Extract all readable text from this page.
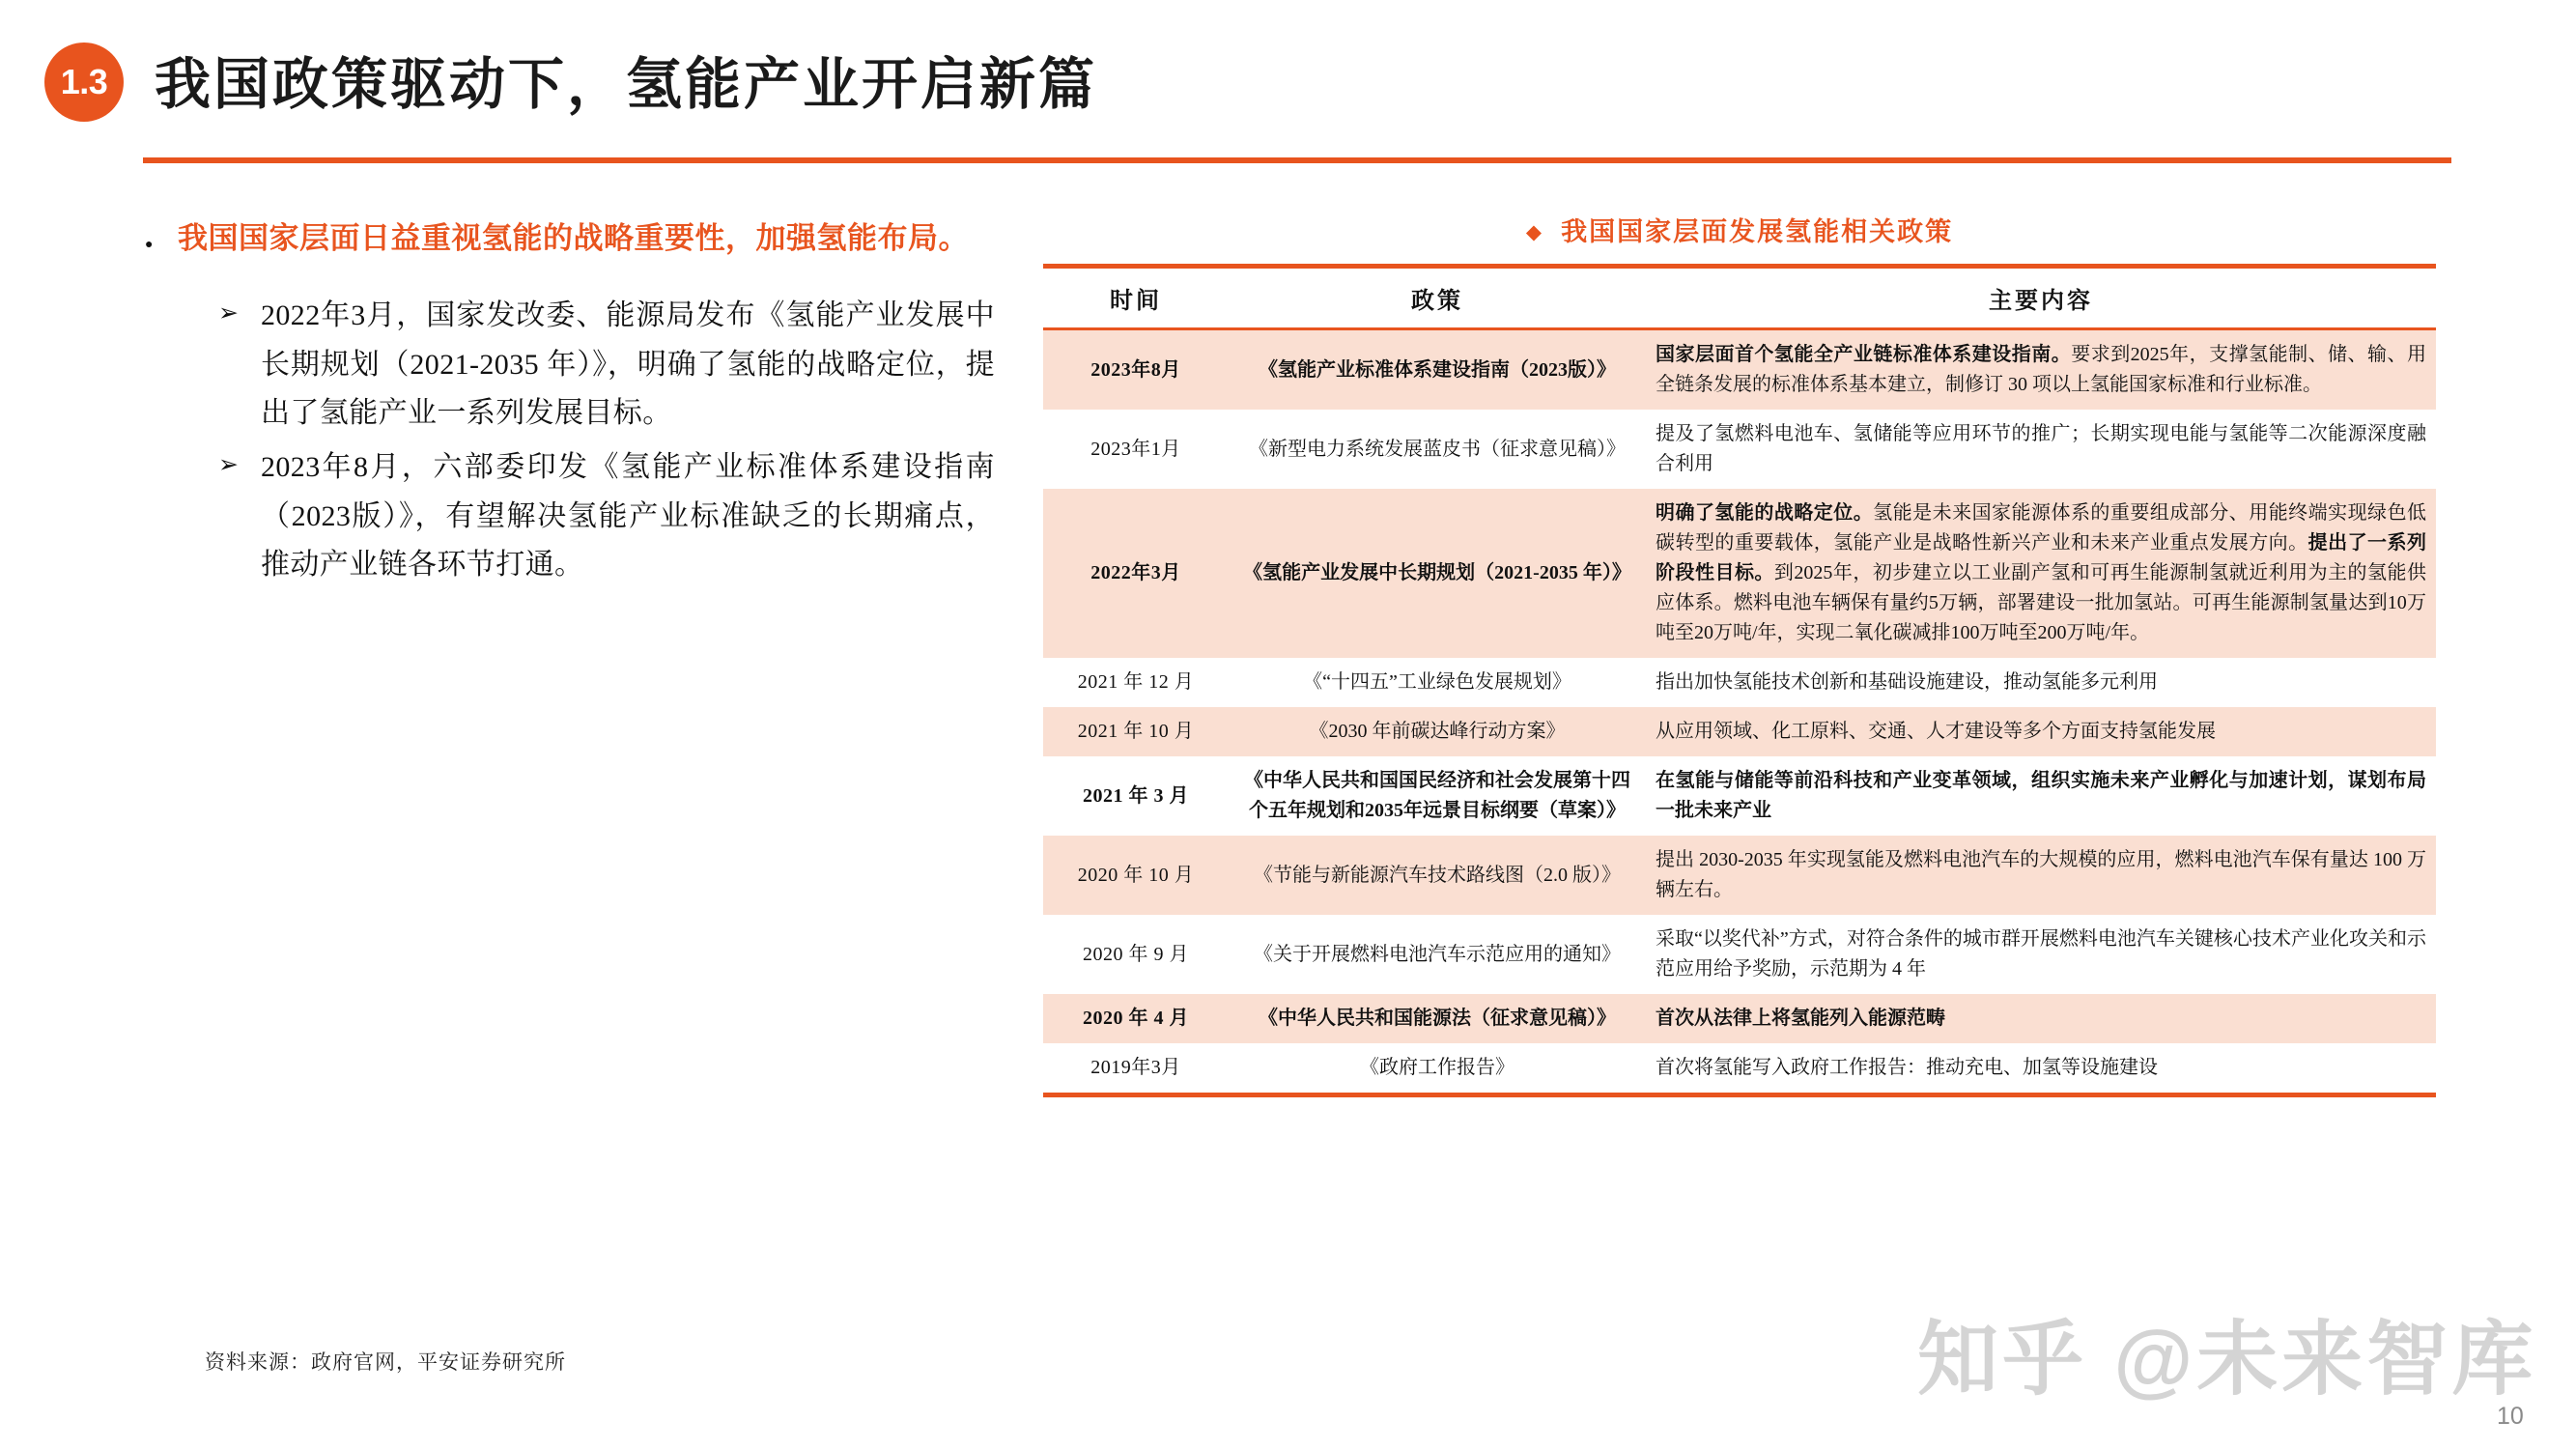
1.3 我国政策驱动下，氢能产业开启新篇
●
我国国家层面日益重视氢能的战略重要性，加强氢能布局。
➢ 2022年3月，国家发改委、能源局发布《氢能产业发展中长期规划（2021-2035 年）》，明确了氢能的战略定位，提出了氢能产业一系列发展目标。
➢ 2023年8月，六部委印发《氢能产业标准体系建设指南（2023版）》，有望解决氢能产业标准缺乏的长期痛点，推动产业链各环节打通。
资料来源：政府官网，平安证券研究所
◆ 我国国家层面发展氢能相关政策
时间	政策	主要内容
2023年8月	《氢能产业标准体系建设指南（2023版）》	国家层面首个氢能全产业链标准体系建设指南。要求到2025年，支撑氢能制、储、输、用全链条发展的标准体系基本建立，制修订 30 项以上氢能国家标准和行业标准。
2023年1月	《新型电力系统发展蓝皮书（征求意见稿）》	提及了氢燃料电池车、氢储能等应用环节的推广；长期实现电能与氢能等二次能源深度融合利用
2022年3月	《氢能产业发展中长期规划（2021-2035 年）》	明确了氢能的战略定位。氢能是未来国家能源体系的重要组成部分、用能终端实现绿色低碳转型的重要载体，氢能产业是战略性新兴产业和未来产业重点发展方向。提出了一系列阶段性目标。到2025年，初步建立以工业副产氢和可再生能源制氢就近利用为主的氢能供应体系。燃料电池车辆保有量约5万辆，部署建设一批加氢站。可再生能源制氢量达到10万吨至20万吨/年，实现二氧化碳减排100万吨至200万吨/年。
2021 年 12 月	《“十四五”工业绿色发展规划》	指出加快氢能技术创新和基础设施建设，推动氢能多元利用
2021 年 10 月	《2030 年前碳达峰行动方案》	从应用领域、化工原料、交通、人才建设等多个方面支持氢能发展
2021 年 3 月	《中华人民共和国国民经济和社会发展第十四个五年规划和2035年远景目标纲要（草案）》	在氢能与储能等前沿科技和产业变革领域，组织实施未来产业孵化与加速计划，谋划布局一批未来产业
2020 年 10 月	《节能与新能源汽车技术路线图（2.0 版）》	提出 2030-2035 年实现氢能及燃料电池汽车的大规模的应用，燃料电池汽车保有量达 100 万辆左右。
2020 年 9 月	《关于开展燃料电池汽车示范应用的通知》	采取“以奖代补”方式，对符合条件的城市群开展燃料电池汽车关键核心技术产业化攻关和示范应用给予奖励，示范期为 4 年
2020 年 4 月	《中华人民共和国能源法（征求意见稿）》	首次从法律上将氢能列入能源范畴
2019年3月	《政府工作报告》	首次将氢能写入政府工作报告：推动充电、加氢等设施建设
知乎 @未来智库
10
